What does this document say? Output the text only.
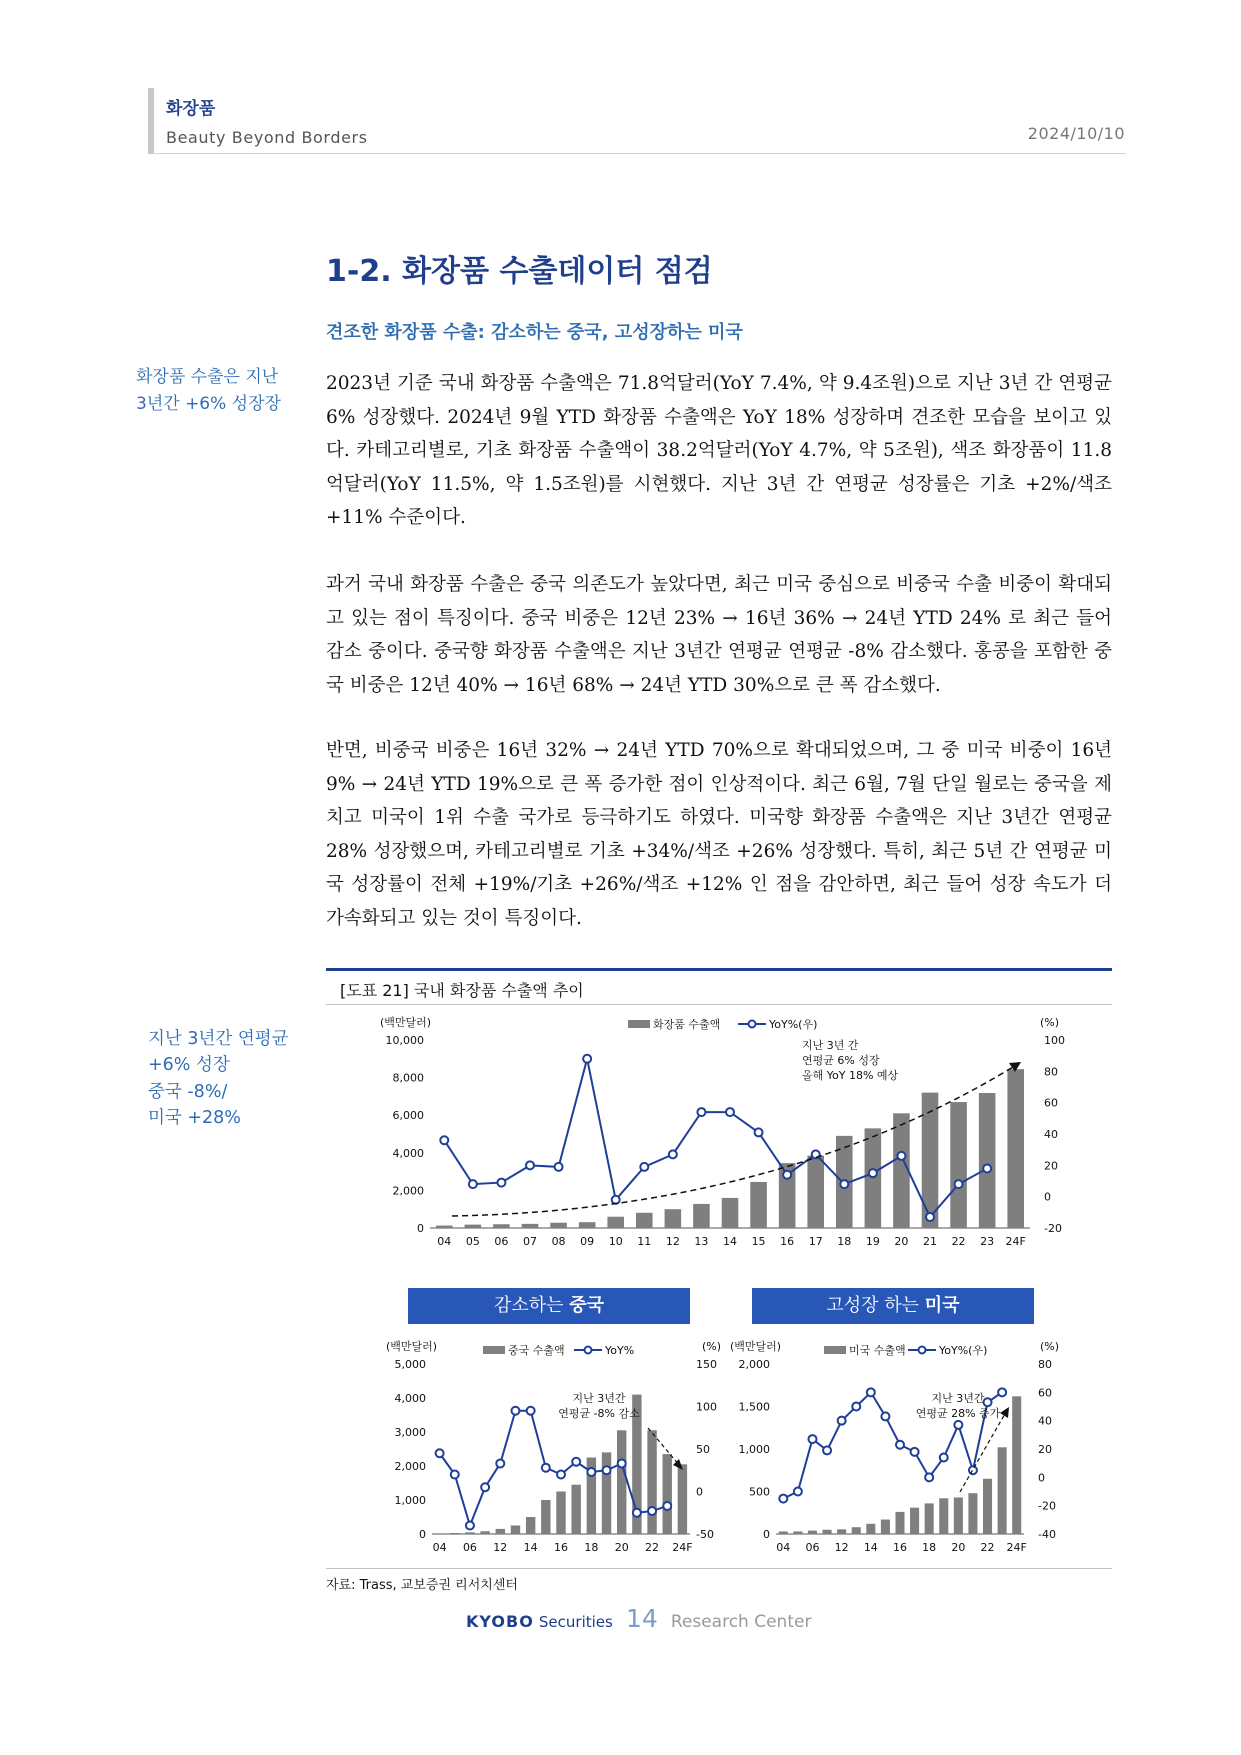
화장품
Beauty Beyond Borders	2024/10/10
1-2. 화장품 수출데이터 점검
견조한 화장품 수출: 감소하는 중국, 고성장하는 미국
화장품 수출은 지난
3년간 +6% 성장장
지난 3년간 연평균
+6% 성장
중국 -8%/
미국 +28%
2023년 기준 국내 화장품 수출액은 71.8억달러(YoY 7.4%, 약 9.4조원)으로 지난 3년 간 연평균 6% 성장했다. 2024년 9월 YTD 화장품 수출액은 YoY 18% 성장하며 견조한 모습을 보이고 있다. 카테고리별로, 기초 화장품 수출액이 38.2억달러(YoY 4.7%, 약 5조원), 색조 화장품이 11.8억달러(YoY 11.5%, 약 1.5조원)를 시현했다. 지난 3년 간 연평균 성장률은 기초 +2%/색조 +11% 수준이다.
과거 국내 화장품 수출은 중국 의존도가 높았다면, 최근 미국 중심으로 비중국 수출 비중이 확대되고 있는 점이 특징이다. 중국 비중은 12년 23% → 16년 36% → 24년 YTD 24% 로 최근 들어 감소 중이다. 중국향 화장품 수출액은 지난 3년간 연평균 연평균 -8% 감소했다. 홍콩을 포함한 중국 비중은 12년 40% → 16년 68% → 24년 YTD 30%으로 큰 폭 감소했다.
반면, 비중국 비중은 16년 32% → 24년 YTD 70%으로 확대되었으며, 그 중 미국 비중이 16년 9% → 24년 YTD 19%으로 큰 폭 증가한 점이 인상적이다. 최근 6월, 7월 단일 월로는 중국을 제치고 미국이 1위 수출 국가로 등극하기도 하였다. 미국향 화장품 수출액은 지난 3년간 연평균 28% 성장했으며, 카테고리별로 기초 +34%/색조 +26% 성장했다. 특히, 최근 5년 간 연평균 미국 성장률이 전체 +19%/기초 +26%/색조 +12% 인 점을 감안하면, 최근 들어 성장 속도가 더 가속화되고 있는 것이 특징이다.
[도표 21] 국내 화장품 수출액 추이
0
2,000
4,000
6,000
8,000
10,000
-20
0
20
40
60
80
100
(백만달러)	(%)
04 05 06 07 08 09 10 11 12 13 14 15 16 17 18 19 20 21 22 23 24F
화장품 수출액	YoY%(우)
지난 3년 간
연평균 6% 성장
올해 YoY 18% 예상
감소하는 중국	고성장 하는 미국
0
1,000
2,000
3,000
4,000
5,000
-50
0
50
100
150
(백만달러)	(%)
04 06 12 14 16 18 20 22 24F
중국 수출액	YoY%
지난 3년간
연평균 -8% 감소
0
500
1,000
1,500
2,000
-40
-20
0
20
40
60
80
(백만달러)	(%)
04 06 12 14 16 18 20 22 24F
미국 수출액	YoY%(우)
지난 3년간
연평균 28% 증가
자료: Trass, 교보증권 리서치센터
KYOBO Securities 14 Research Center
